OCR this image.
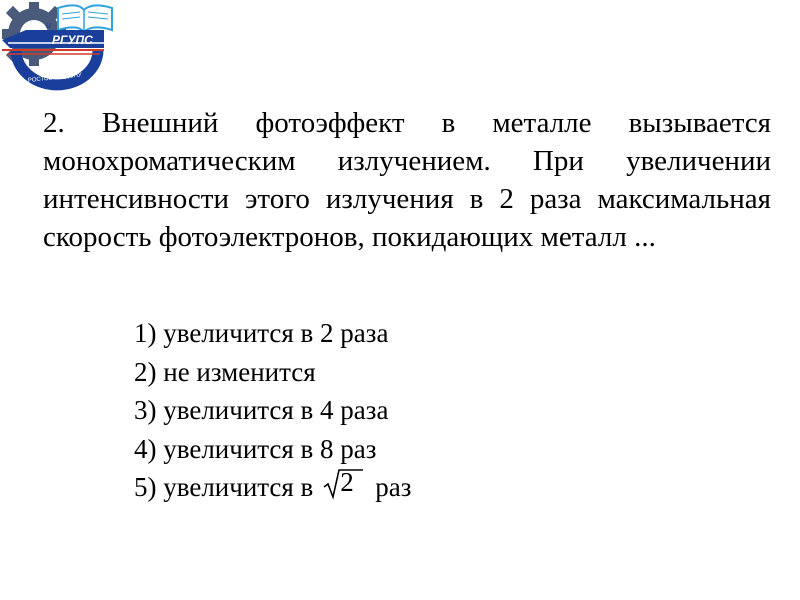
u
РГУПС
РОСТОВ-НА-ДОНУ

2. Внешний фотоэффект в металле вызывается монохроматическим излучением. При увеличении интенсивности этого излучения в 2 раза максимальная скорость фотоэлектронов, покидающих металл ...

1) увеличится в 2 раза
2) не изменится
3) увеличится в 4 раза
4) увеличится в 8 раз
5) увеличится в 2 раз
